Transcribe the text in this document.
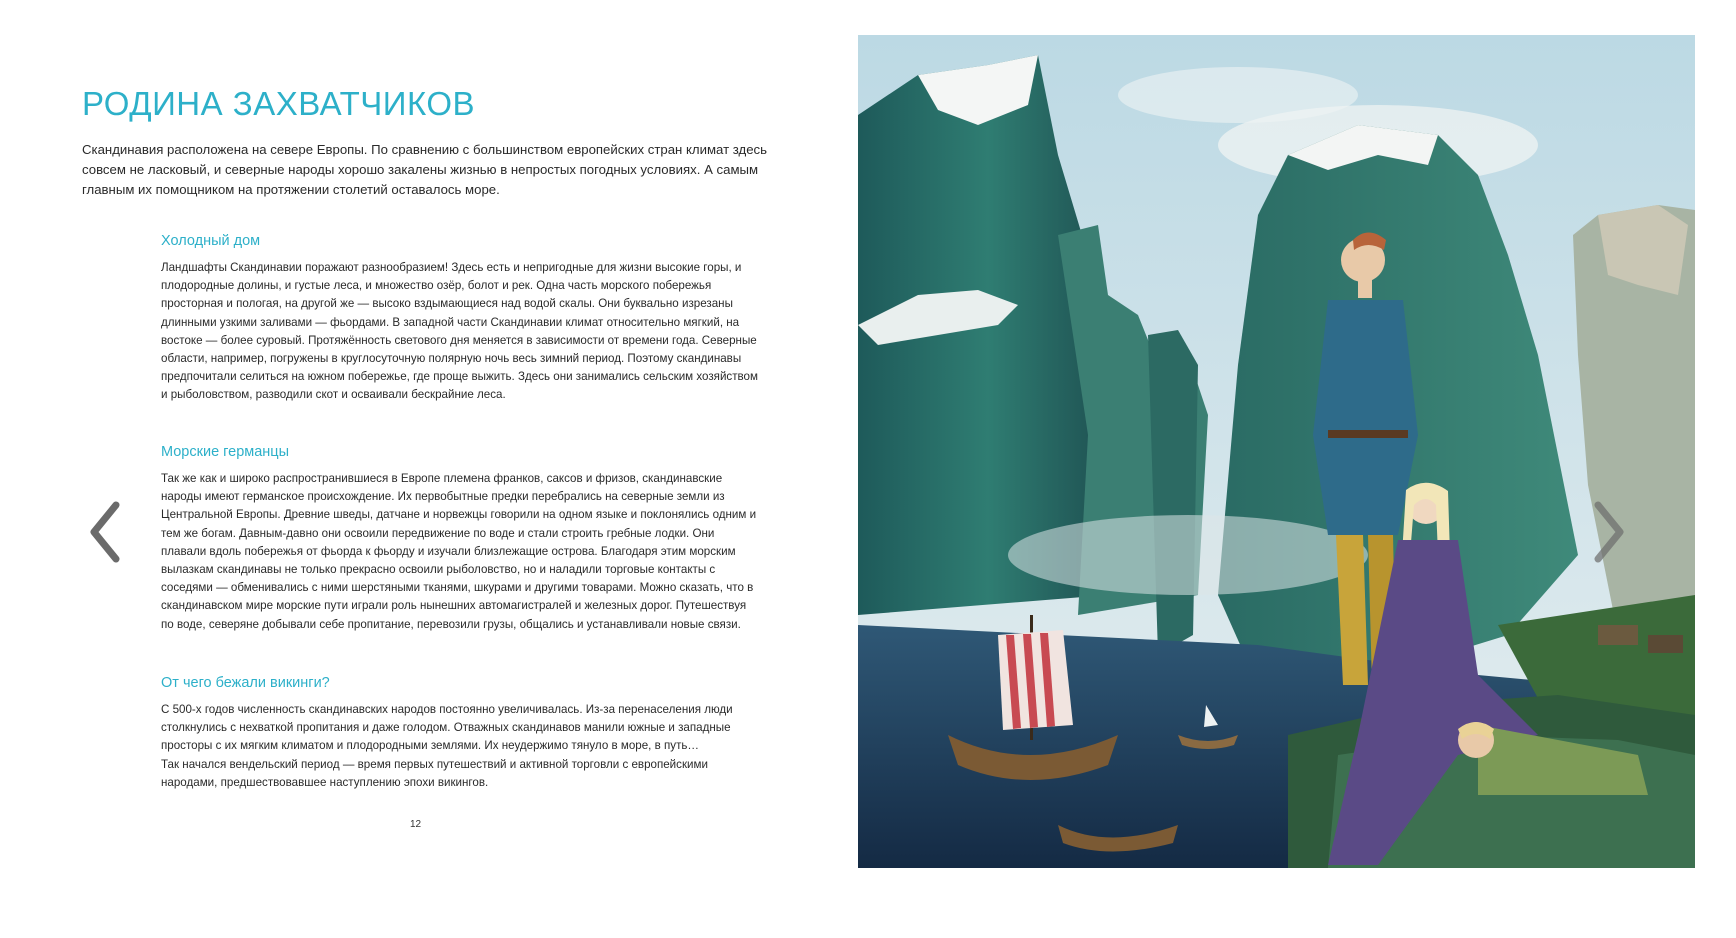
РОДИНА ЗАХВАТЧИКОВ

Скандинавия расположена на севере Европы. По сравнению с большинством европейских стран климат здесь совсем не ласковый, и северные народы хорошо закалены жизнью в непростых погодных условиях. А самым главным их помощником на протяжении столетий оставалось море.

Холодный дом

Ландшафты Скандинавии поражают разнообразием! Здесь есть и непригодные для жизни высокие горы, и плодородные долины, и густые леса, и множество озёр, болот и рек. Одна часть морского побережья просторная и пологая, на другой же — высоко вздымающиеся над водой скалы. Они буквально изрезаны длинными узкими заливами — фьордами. В западной части Скандинавии климат относительно мягкий, на востоке — более суровый. Протяжённость светового дня меняется в зависимости от времени года. Северные области, например, погружены в круглосуточную полярную ночь весь зимний период. Поэтому скандинавы предпочитали селиться на южном побережье, где проще выжить. Здесь они занимались сельским хозяйством и рыболовством, разводили скот и осваивали бескрайние леса.

Морские германцы

Так же как и широко распространившиеся в Европе племена франков, саксов и фризов, скандинавские народы имеют германское происхождение. Их первобытные предки перебрались на северные земли из Центральной Европы. Древние шведы, датчане и норвежцы говорили на одном языке и поклонялись одним и тем же богам. Давным-давно они освоили передвижение по воде и стали строить гребные лодки. Они плавали вдоль побережья от фьорда к фьорду и изучали близлежащие острова. Благодаря этим морским вылазкам скандинавы не только прекрасно освоили рыболовство, но и наладили торговые контакты с соседями — обменивались с ними шерстяными тканями, шкурами и другими товарами. Можно сказать, что в скандинавском мире морские пути играли роль нынешних автомагистралей и железных дорог. Путешествуя по воде, северяне добывали себе пропитание, перевозили грузы, общались и устанавливали новые связи.

От чего бежали викинги?

С 500-х годов численность скандинавских народов постоянно увеличивалась. Из-за перенаселения люди столкнулись с нехваткой пропитания и даже голодом. Отважных скандинавов манили южные и западные просторы с их мягким климатом и плодородными землями. Их неудержимо тянуло в море, в путь…

Так начался вендельский период — время первых путешествий и активной торговли с европейскими народами, предшествовавшее наступлению эпохи викингов.

12
